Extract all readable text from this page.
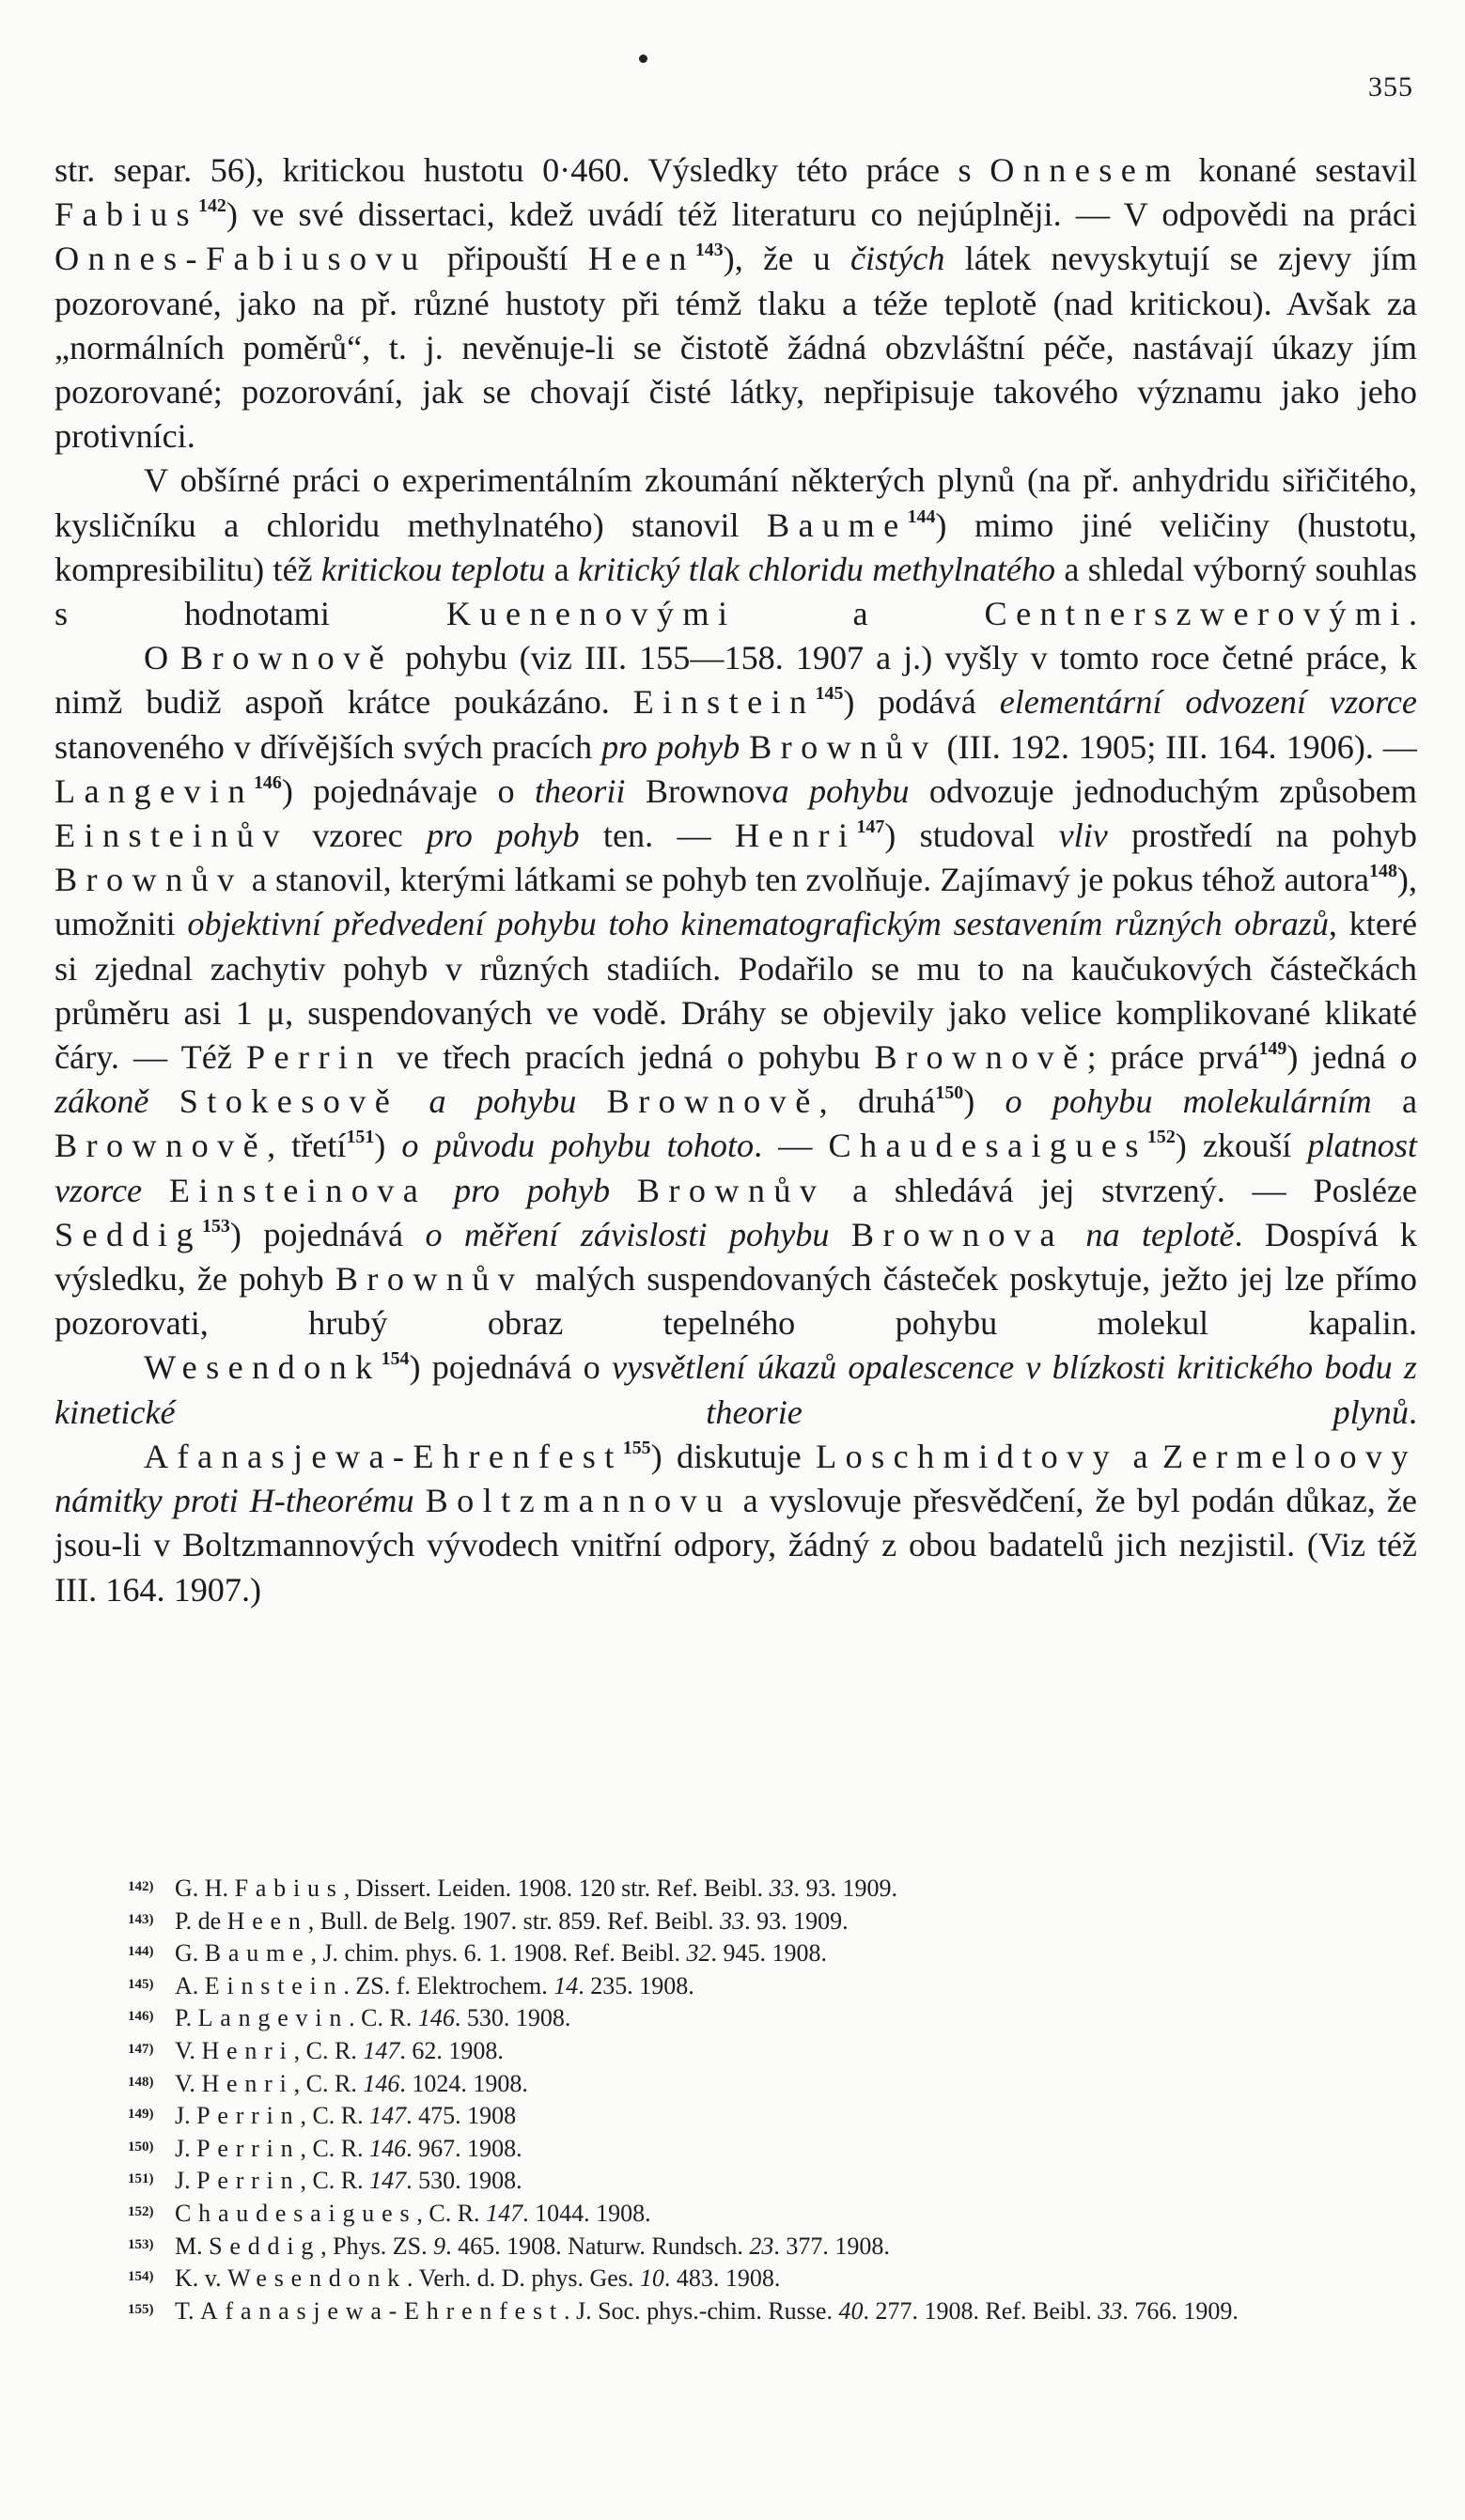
355

str. separ. 56), kritickou hustotu 0·460. Výsledky této práce s Onnesem konané sestavil Fabius$^{142}$) ve své dissertaci, kdež uvádí též literaturu co nejúplněji. — V odpovědi na práci Onnes-Fabiusovu připouští Heen$^{143}$), že u čistých látek nevyskytují se zjevy jím pozorované, jako na př. různé hustoty při témž tlaku a téže teplotě (nad kritickou). Avšak za „normálních poměrů“, t. j. nevěnuje-li se čistotě žádná obzvláštní péče, nastávají úkazy jím pozorované; pozorování, jak se chovají čisté látky, nepřipisuje takového významu jako jeho protivníci.

V obšírné práci o experimentálním zkoumání některých plynů (na př. anhydridu siřičitého, kysličníku a chloridu methylnatého) stanovil Baume$^{144}$) mimo jiné veličiny (hustotu, kompresibilitu) též kritickou teplotu a kritický tlak chloridu methylnatého a shledal výborný souhlas s hodnotami Kuenenovými a Centnerszwerovými.

O Brownově pohybu (viz III. 155—158. 1907 a j.) vyšly v tomto roce četné práce, k nimž budiž aspoň krátce poukázáno. Einstein$^{145}$) podává elementární odvození vzorce stanoveného v dřívějších svých pracích pro pohyb Brownův (III. 192. 1905; III. 164. 1906). — Langevin$^{146}$) pojednávaje o theorii Brownova pohybu odvozuje jednoduchým způsobem Einsteinův vzorec pro pohyb ten. — Henri$^{147}$) studoval vliv prostředí na pohyb Brownův a stanovil, kterými látkami se pohyb ten zvolňuje. Zajímavý je pokus téhož autora$^{148}$), umožniti objektivní předvedení pohybu toho kinematografickým sestavením různých obrazů, které si zjednal zachytiv pohyb v různých stadiích. Podařilo se mu to na kaučukových částečkách průměru asi 1 μ, suspendovaných ve vodě. Dráhy se objevily jako velice komplikované klikaté čáry. — Též Perrin ve třech pracích jedná o pohybu Brownově; práce prvá$^{149}$) jedná o zákoně Stokesově a pohybu Brownově, druhá$^{150}$) o pohybu molekulárním a Brownově, třetí$^{151}$) o původu pohybu tohoto. — Chaudesaigues$^{152}$) zkouší platnost vzorce Einsteinova pro pohyb Brownův a shledává jej stvrzený. — Posléze Seddig$^{153}$) pojednává o měření závislosti pohybu Brownova na teplotě. Dospívá k výsledku, že pohyb Brownův malých suspendovaných částeček poskytuje, ježto jej lze přímo pozorovati, hrubý obraz tepelného pohybu molekul kapalin.

Wesendonk$^{154}$) pojednává o vysvětlení úkazů opalescence v blízkosti kritického bodu z kinetické theorie plynů.

Afanasjewa-Ehrenfest$^{155}$) diskutuje Loschmidtovy a Zermeloovy námitky proti H-theorému Boltzmannovu a vyslovuje přesvědčení, že byl podán důkaz, že jsou-li v Boltzmannových vývodech vnitřní odpory, žádný z obou badatelů jich nezjistil. (Viz též III. 164. 1907.)

142) G. H. Fabius, Dissert. Leiden. 1908. 120 str. Ref. Beibl. 33. 93. 1909.

143) P. de Heen, Bull. de Belg. 1907. str. 859. Ref. Beibl. 33. 93. 1909.

144) G. Baume, J. chim. phys. 6. 1. 1908. Ref. Beibl. 32. 945. 1908.

145) A. Einstein. ZS. f. Elektrochem. 14. 235. 1908.

146) P. Langevin. C. R. 146. 530. 1908.

147) V. Henri, C. R. 147. 62. 1908.

148) V. Henri, C. R. 146. 1024. 1908.

149) J. Perrin, C. R. 147. 475. 1908

150) J. Perrin, C. R. 146. 967. 1908.

151) J. Perrin, C. R. 147. 530. 1908.

152) Chaudesaigues, C. R. 147. 1044. 1908.

153) M. Seddig, Phys. ZS. 9. 465. 1908. Naturw. Rundsch. 23. 377. 1908.

154) K. v. Wesendonk. Verh. d. D. phys. Ges. 10. 483. 1908.

155) T. Afanasjewa-Ehrenfest. J. Soc. phys.-chim. Russe. 40. 277. 1908. Ref. Beibl. 33. 766. 1909.
